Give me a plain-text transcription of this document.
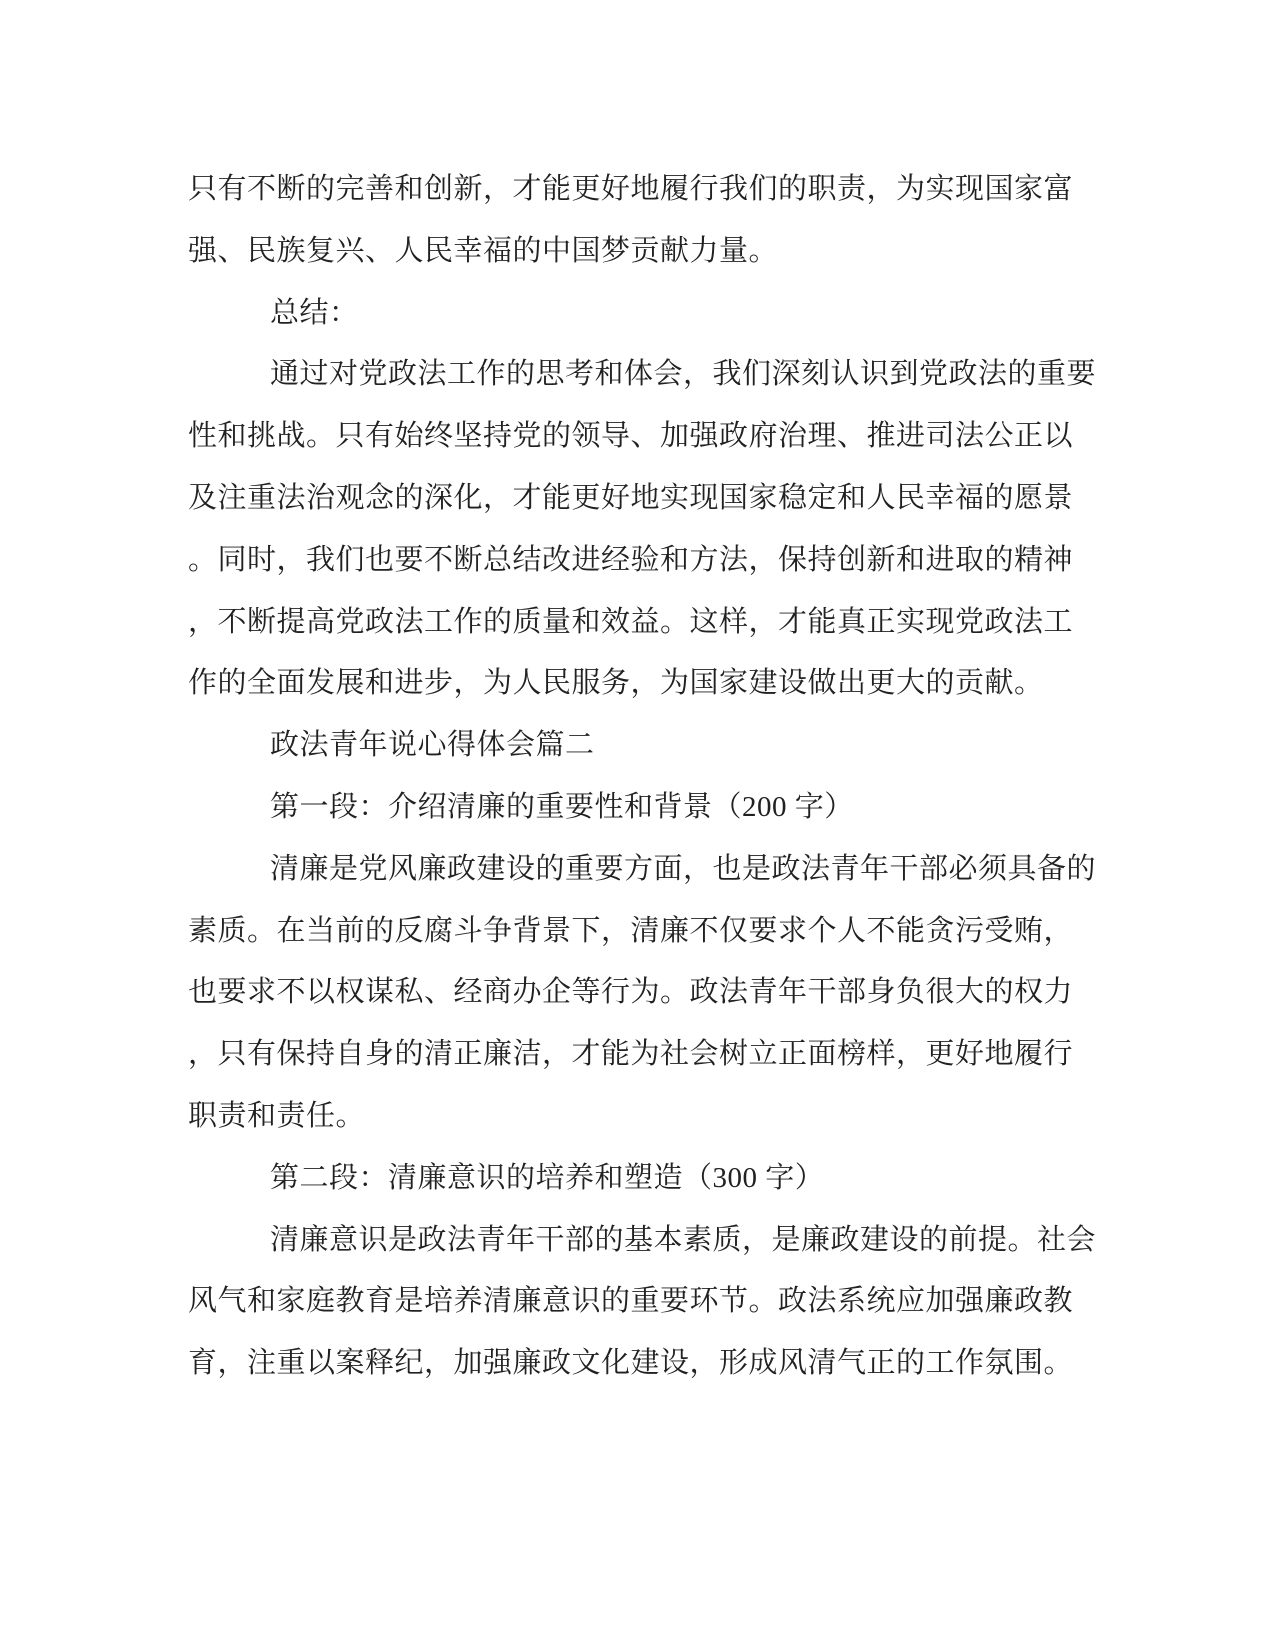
只有不断的完善和创新，才能更好地履行我们的职责，为实现国家富
强、民族复兴、人民幸福的中国梦贡献力量。
总结：
通过对党政法工作的思考和体会，我们深刻认识到党政法的重要
性和挑战。只有始终坚持党的领导、加强政府治理、推进司法公正以
及注重法治观念的深化，才能更好地实现国家稳定和人民幸福的愿景
。同时，我们也要不断总结改进经验和方法，保持创新和进取的精神
，不断提高党政法工作的质量和效益。这样，才能真正实现党政法工
作的全面发展和进步，为人民服务，为国家建设做出更大的贡献。
政法青年说心得体会篇二
第一段：介绍清廉的重要性和背景（200 字）
清廉是党风廉政建设的重要方面，也是政法青年干部必须具备的
素质。在当前的反腐斗争背景下，清廉不仅要求个人不能贪污受贿，
也要求不以权谋私、经商办企等行为。政法青年干部身负很大的权力
，只有保持自身的清正廉洁，才能为社会树立正面榜样，更好地履行
职责和责任。
第二段：清廉意识的培养和塑造（300 字）
清廉意识是政法青年干部的基本素质，是廉政建设的前提。社会
风气和家庭教育是培养清廉意识的重要环节。政法系统应加强廉政教
育，注重以案释纪，加强廉政文化建设，形成风清气正的工作氛围。
